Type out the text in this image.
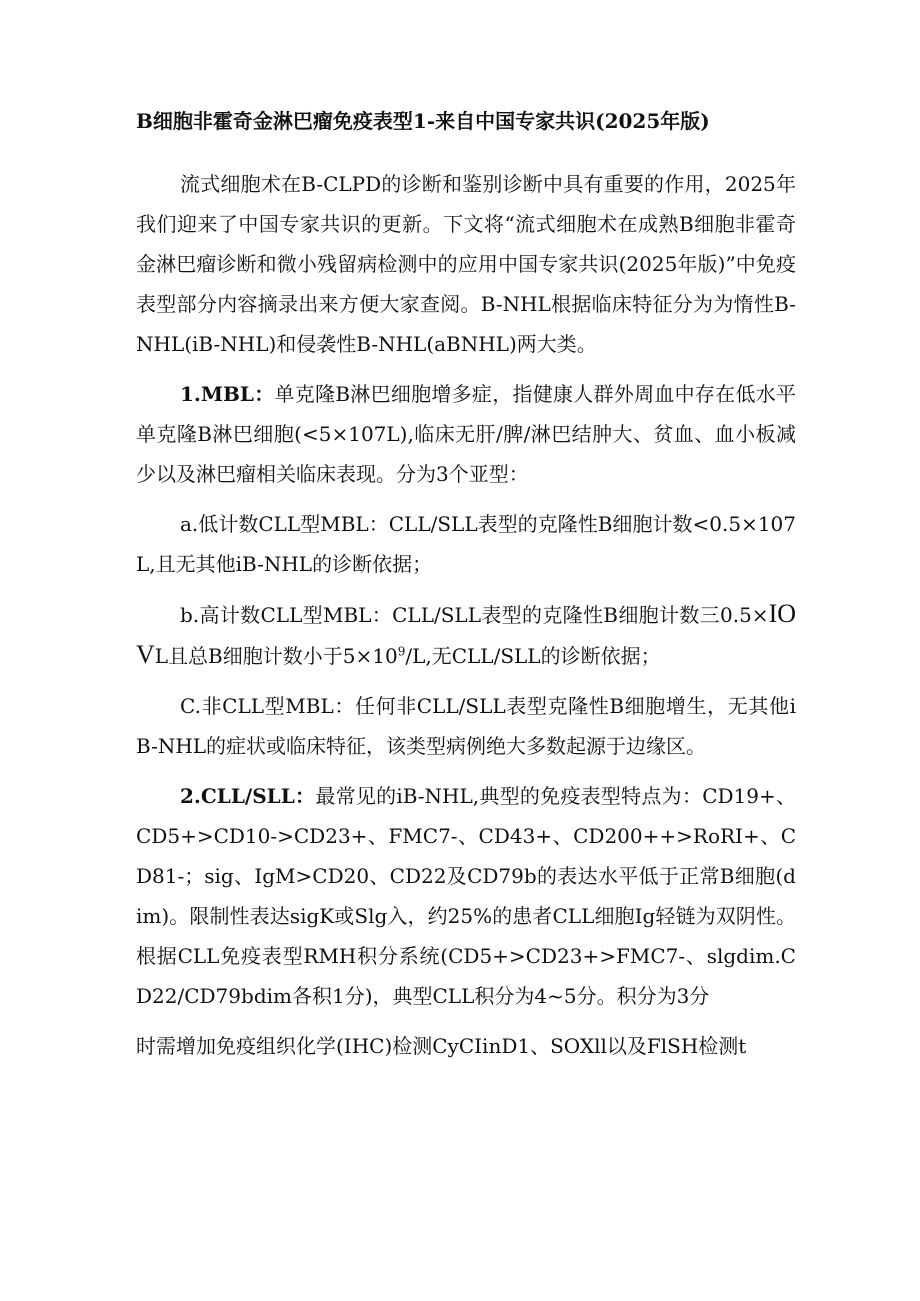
B细胞非霍奇金淋巴瘤免疫表型1-来自中国专家共识(2025年版)

流式细胞术在B-CLPD的诊断和鉴别诊断中具有重要的作用，2025年我们迎来了中国专家共识的更新。下文将“流式细胞术在成熟B细胞非霍奇金淋巴瘤诊断和微小残留病检测中的应用中国专家共识(2025年版)”中免疫表型部分内容摘录出来方便大家查阅。B-NHL根据临床特征分为为惰性B-NHL(iB-NHL)和侵袭性B-NHL(aBNHL)两大类。

1.MBL：单克隆B淋巴细胞增多症，指健康人群外周血中存在低水平单克隆B淋巴细胞(<5×107L),临床无肝/脾/淋巴结肿大、贫血、血小板减少以及淋巴瘤相关临床表现。分为3个亚型：

a.低计数CLL型MBL：CLL/SLL表型的克隆性B细胞计数<0.5×107L,且无其他iB-NHL的诊断依据；

b.高计数CLL型MBL：CLL/SLL表型的克隆性B细胞计数三0.5×IOVL且总B细胞计数小于$5\times 10^9/L$,无CLL/SLL的诊断依据；

C.非CLL型MBL：任何非CLL/SLL表型克隆性B细胞增生，无其他iB-NHL的症状或临床特征，该类型病例绝大多数起源于边缘区。

2.CLL/SLL：最常见的iB-NHL,典型的免疫表型特点为：CD19+、CD5+>CD10->CD23+、FMC7-、CD43+、CD200++>RoRI+、CD81-；sig、IgM>CD20、CD22及CD79b的表达水平低于正常B细胞(dim)。限制性表达sigK或Slg入，约25%的患者CLL细胞Ig轻链为双阴性。根据CLL免疫表型RMH积分系统(CD5+>CD23+>FMC7-、slgdim.CD22/CD79bdim各积1分)，典型CLL积分为4~5分。积分为3分

时需增加免疫组织化学(IHC)检测CyCIinD1、SOXll以及FlSH检测t
